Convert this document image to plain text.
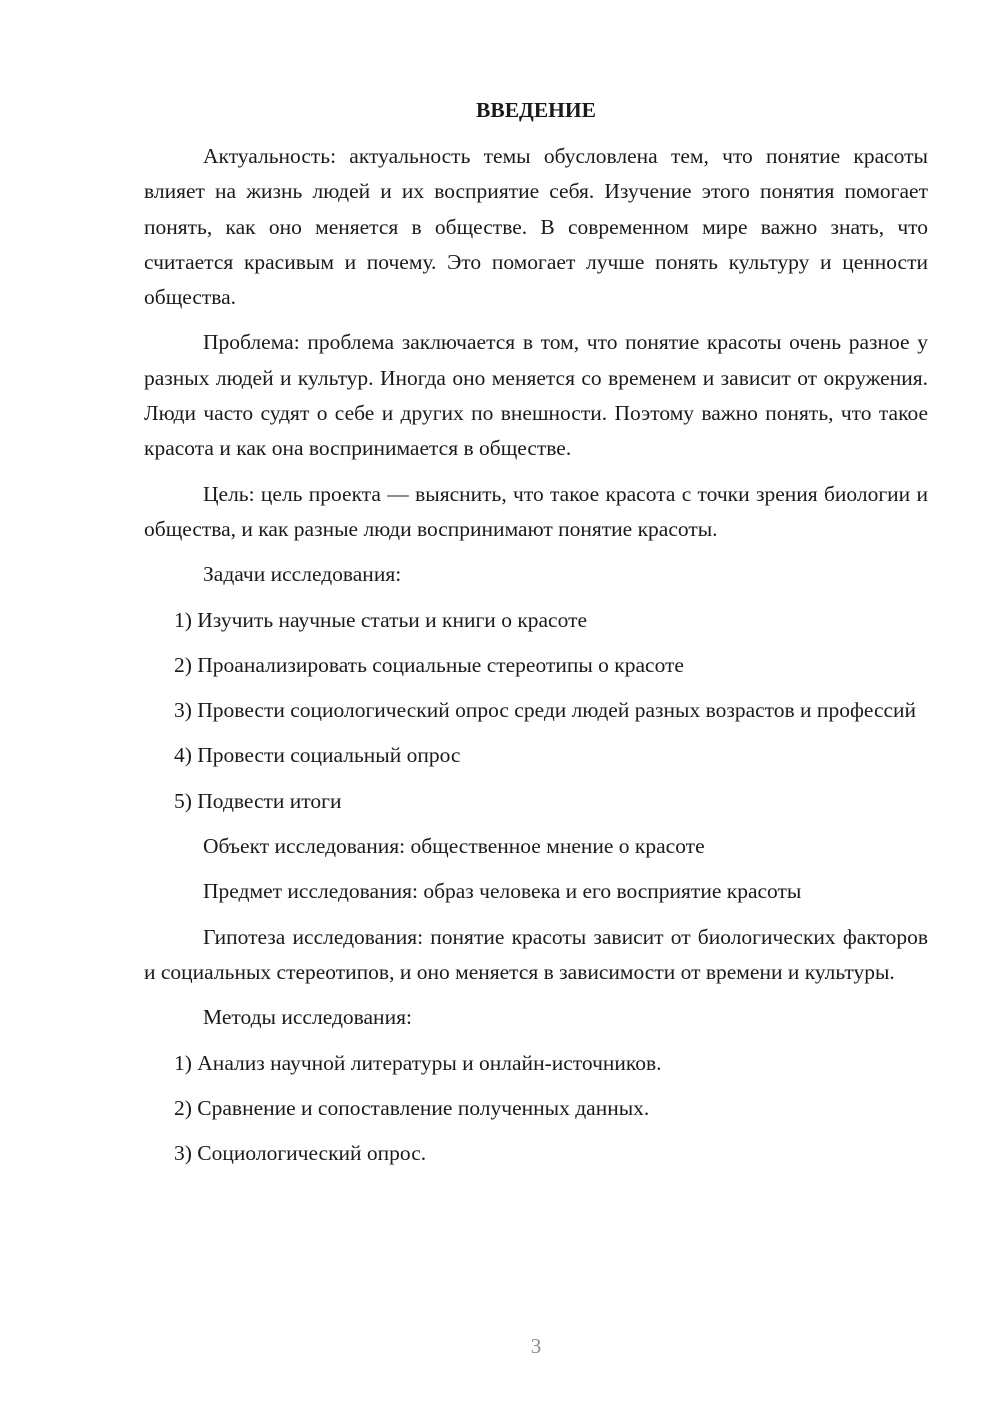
ВВЕДЕНИЕ

Актуальность: актуальность темы обусловлена тем, что понятие красоты влияет на жизнь людей и их восприятие себя. Изучение этого понятия помогает понять, как оно меняется в обществе. В современном мире важно знать, что считается красивым и почему. Это помогает лучше понять культуру и ценности общества.

Проблема: проблема заключается в том, что понятие красоты очень разное у разных людей и культур. Иногда оно меняется со временем и зависит от окружения. Люди часто судят о себе и других по внешности. Поэтому важно понять, что такое красота и как она воспринимается в обществе.

Цель: цель проекта — выяснить, что такое красота с точки зрения биологии и общества, и как разные люди воспринимают понятие красоты.

Задачи исследования:

1) Изучить научные статьи и книги о красоте

2) Проанализировать социальные стереотипы о красоте

3) Провести социологический опрос среди людей разных возрастов и профессий

4) Провести социальный опрос

5) Подвести итоги

Объект исследования: общественное мнение о красоте

Предмет исследования: образ человека и его восприятие красоты

Гипотеза исследования: понятие красоты зависит от биологических факторов и социальных стереотипов, и оно меняется в зависимости от времени и культуры.

Методы исследования:

1) Анализ научной литературы и онлайн-источников.

2) Сравнение и сопоставление полученных данных.

3) Социологический опрос.

3
